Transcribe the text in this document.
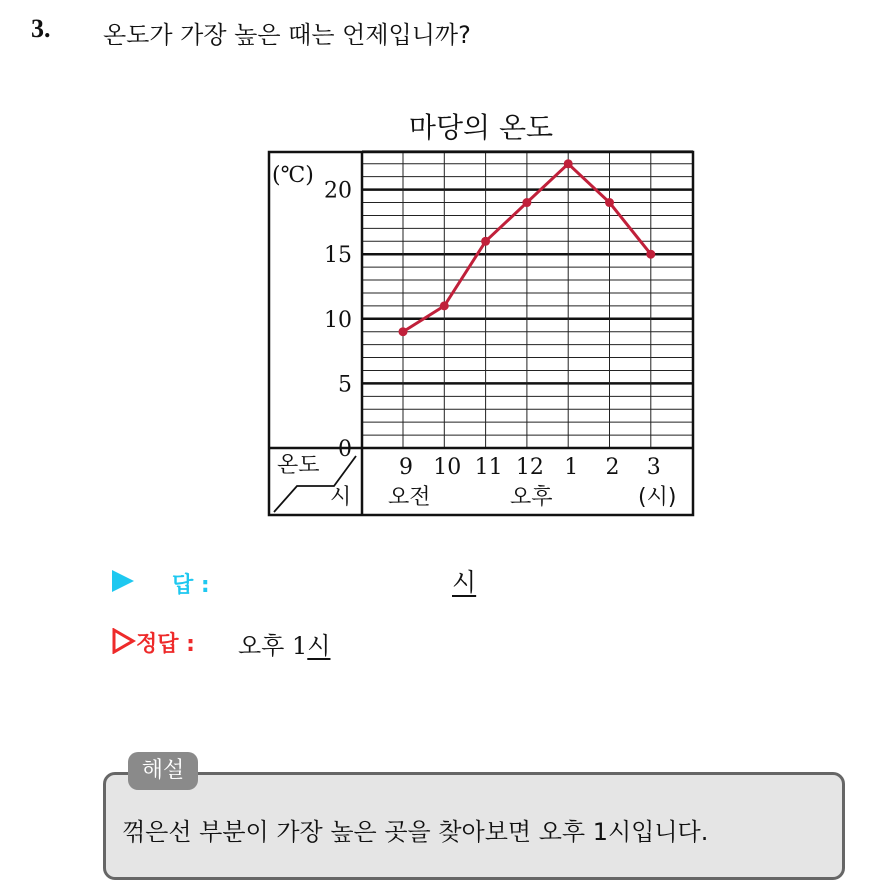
3. 온도가 가장 높은 때는 언제입니까?
마당의 온도
(℃)
0
5
10
15
20
9 10 11 12 1 2 3
온도
시 오전	오후	(시)
답 :	시
정답 : 오후 1시
해설
꺾은선 부분이 가장 높은 곳을 찾아보면 오후 1시입니다.
